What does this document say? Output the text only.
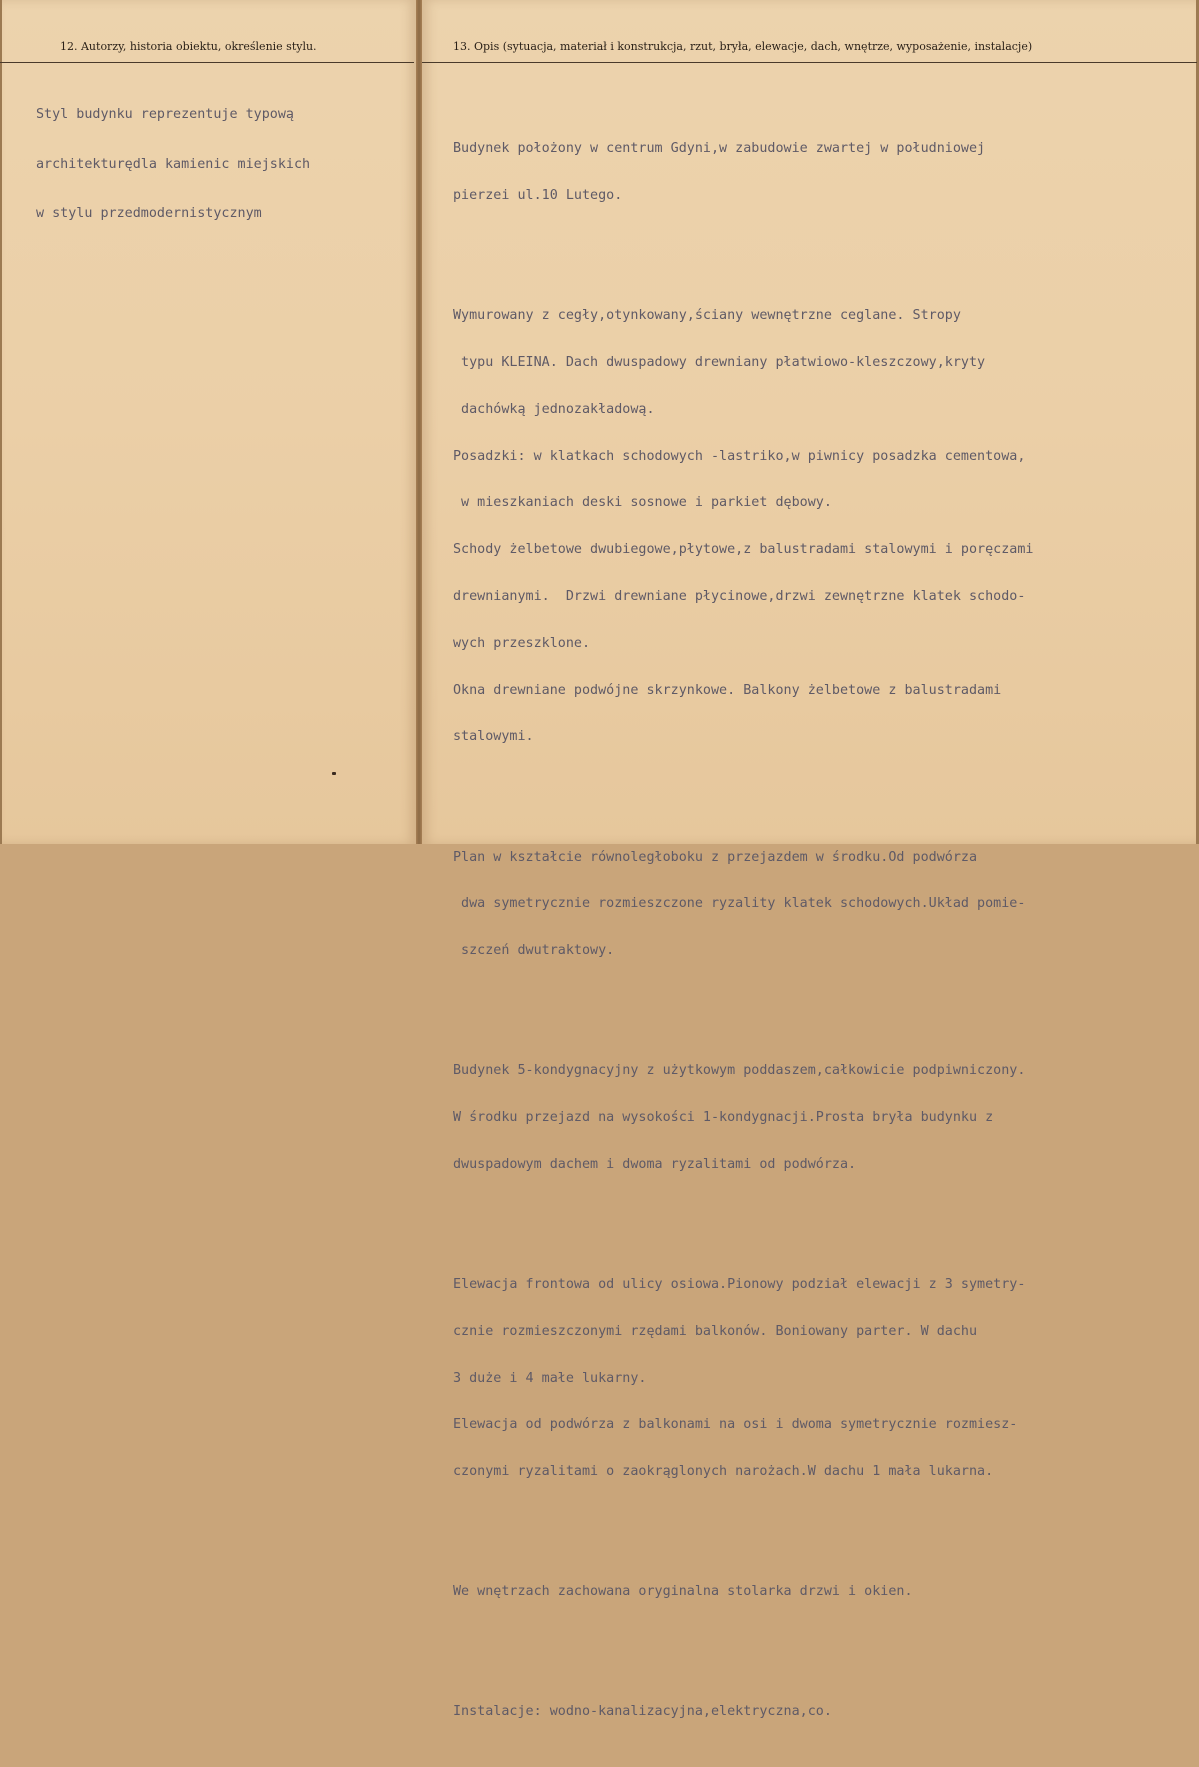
12. Autorzy, historia obiektu, określenie stylu.

Styl budynku reprezentuje typową

architekturędla kamienic miejskich

w stylu przedmodernistycznym

13. Opis (sytuacja, materiał i konstrukcja, rzut, bryła, elewacje, dach, wnętrze, wyposażenie, instalacje)

Budynek położony w centrum Gdyni,w zabudowie zwartej w południowej

pierzei ul.10 Lutego.

Wymurowany z cegły,otynkowany,ściany wewnętrzne ceglane. Stropy

typu KLEINA. Dach dwuspadowy drewniany płatwiowo-kleszczowy,kryty

dachówką jednozakładową.

Posadzki: w klatkach schodowych -lastriko,w piwnicy posadzka cementowa,

w mieszkaniach deski sosnowe i parkiet dębowy.

Schody żelbetowe dwubiegowe,płytowe,z balustradami stalowymi i poręczami

drewnianymi.  Drzwi drewniane płycinowe,drzwi zewnętrzne klatek schodo-

wych przeszklone.

Okna drewniane podwójne skrzynkowe. Balkony żelbetowe z balustradami

stalowymi.

Plan w kształcie równoległoboku z przejazdem w środku.Od podwórza

dwa symetrycznie rozmieszczone ryzality klatek schodowych.Układ pomie-

szczeń dwutraktowy.

Budynek 5-kondygnacyjny z użytkowym poddaszem,całkowicie podpiwniczony.

W środku przejazd na wysokości 1-kondygnacji.Prosta bryła budynku z

dwuspadowym dachem i dwoma ryzalitami od podwórza.

Elewacja frontowa od ulicy osiowa.Pionowy podział elewacji z 3 symetry-

cznie rozmieszczonymi rzędami balkonów. Boniowany parter. W dachu

3 duże i 4 małe lukarny.

Elewacja od podwórza z balkonami na osi i dwoma symetrycznie rozmiesz-

czonymi ryzalitami o zaokrąglonych narożach.W dachu 1 mała lukarna.

We wnętrzach zachowana oryginalna stolarka drzwi i okien.

Instalacje: wodno-kanalizacyjna,elektryczna,co.
